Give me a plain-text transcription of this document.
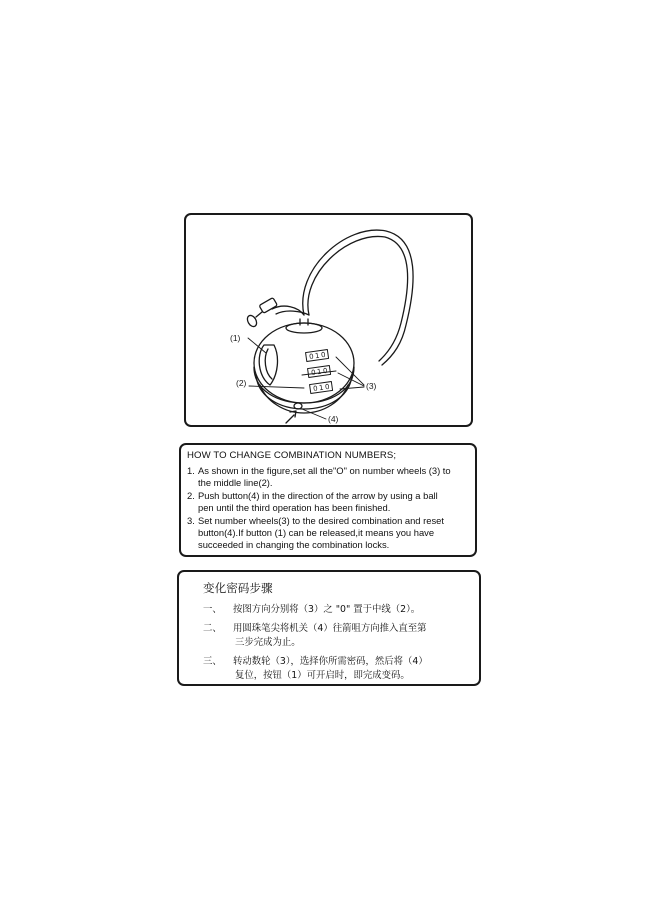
0 1 0
0 1 0
0 1 0
(1)
(2)	(3)
(4)
HOW TO CHANGE COMBINATION NUMBERS;
1. As shown in the figure,set all the"O" on number wheels (3) to
the middle line(2).
2. Push button(4) in the direction of the arrow by using a ball
pen until the third operation has been finished.
3. Set number wheels(3) to the desired combination and reset
button(4).If button (1) can be released,it means you have
succeeded in changing the combination locks.
变化密码步骤
一、	按图方向分别将（3）之 "0" 置于中线（2）。
二、	用圆珠笔尖将机关（4）往箭咀方向推入直至第
三步完成为止。
三、	转动数轮（3），选择你所需密码，然后将（4）
复位，按钮（1）可开启时，即完成变码。
